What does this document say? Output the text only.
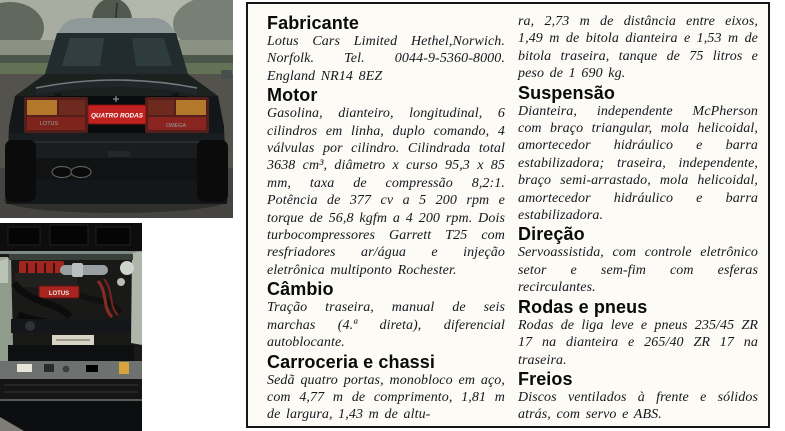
QUATRO RODAS
LOTUS	OMEGA
LOTUS
Fabricante

Lotus Cars Limited Hethel,Norwich. Norfolk. Tel. 0044-9-5360-8000. England NR14 8EZ

Motor

Gasolina, dianteiro, longitudinal, 6 cilindros em linha, duplo comando, 4 válvulas por cilindro. Cilindrada total 3638 cm³, diâmetro x curso 95,3 x 85 mm, taxa de compressão 8,2:1. Potência de 377 cv a 5 200 rpm e torque de 56,8 kgfm a 4 200 rpm. Dois turbocompressores Garrett T25 com resfriadores ar/água e injeção eletrônica multiponto Rochester.

Câmbio

Tração traseira, manual de seis marchas (4.ª direta), diferencial autoblocante.

Carroceria e chassi

Sedã quatro portas, monobloco em aço, com 4,77 m de comprimento, 1,81 m de largura, 1,43 m de altu-

ra, 2,73 m de distância entre eixos, 1,49 m de bitola dianteira e 1,53 m de bitola traseira, tanque de 75 litros e peso de 1 690 kg.

Suspensão

Dianteira, independente McPherson com braço triangular, mola helicoidal, amortecedor hidráulico e barra estabilizadora; traseira, independente, braço semi-arrastado, mola helicoidal, amortecedor hidráulico e barra estabilizadora.

Direção

Servoassistida, com controle eletrônico setor e sem-fim com esferas recirculantes.

Rodas e pneus

Rodas de liga leve e pneus 235/45 ZR 17 na dianteira e 265/40 ZR 17 na traseira.

Freios

Discos ventilados à frente e sólidos atrás, com servo e ABS.
